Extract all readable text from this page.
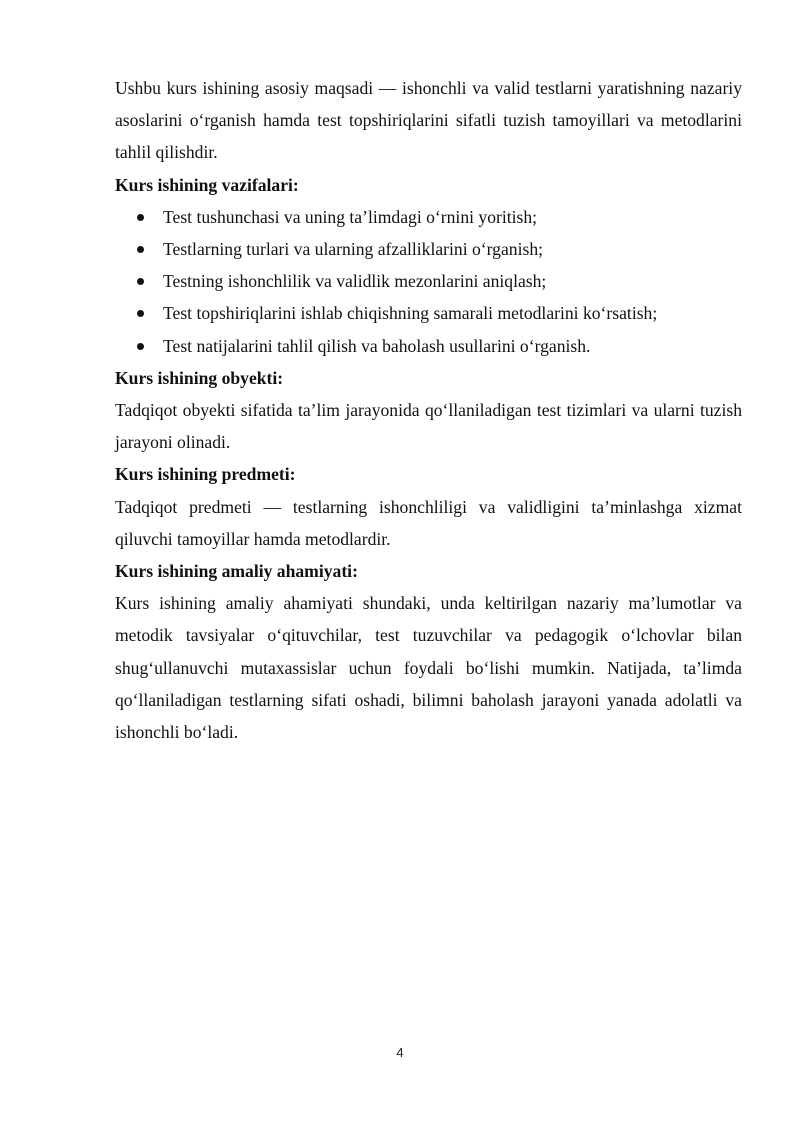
Ushbu kurs ishining asosiy maqsadi — ishonchli va valid testlarni yaratishning nazariy asoslarini o‘rganish hamda test topshiriqlarini sifatli tuzish tamoyillari va metodlarini tahlil qilishdir.

Kurs ishining vazifalari:

Test tushunchasi va uning ta’limdagi o‘rnini yoritish;
Testlarning turlari va ularning afzalliklarini o‘rganish;
Testning ishonchlilik va validlik mezonlarini aniqlash;
Test topshiriqlarini ishlab chiqishning samarali metodlarini ko‘rsatish;
Test natijalarini tahlil qilish va baholash usullarini o‘rganish.

Kurs ishining obyekti:

Tadqiqot obyekti sifatida ta’lim jarayonida qo‘llaniladigan test tizimlari va ularni tuzish jarayoni olinadi.

Kurs ishining predmeti:

Tadqiqot predmeti — testlarning ishonchliligi va validligini ta’minlashga xizmat qiluvchi tamoyillar hamda metodlardir.

Kurs ishining amaliy ahamiyati:

Kurs ishining amaliy ahamiyati shundaki, unda keltirilgan nazariy ma’lumotlar va metodik tavsiyalar o‘qituvchilar, test tuzuvchilar va pedagogik o‘lchovlar bilan shug‘ullanuvchi mutaxassislar uchun foydali bo‘lishi mumkin. Natijada, ta’limda qo‘llaniladigan testlarning sifati oshadi, bilimni baholash jarayoni yanada adolatli va ishonchli bo‘ladi.

4
